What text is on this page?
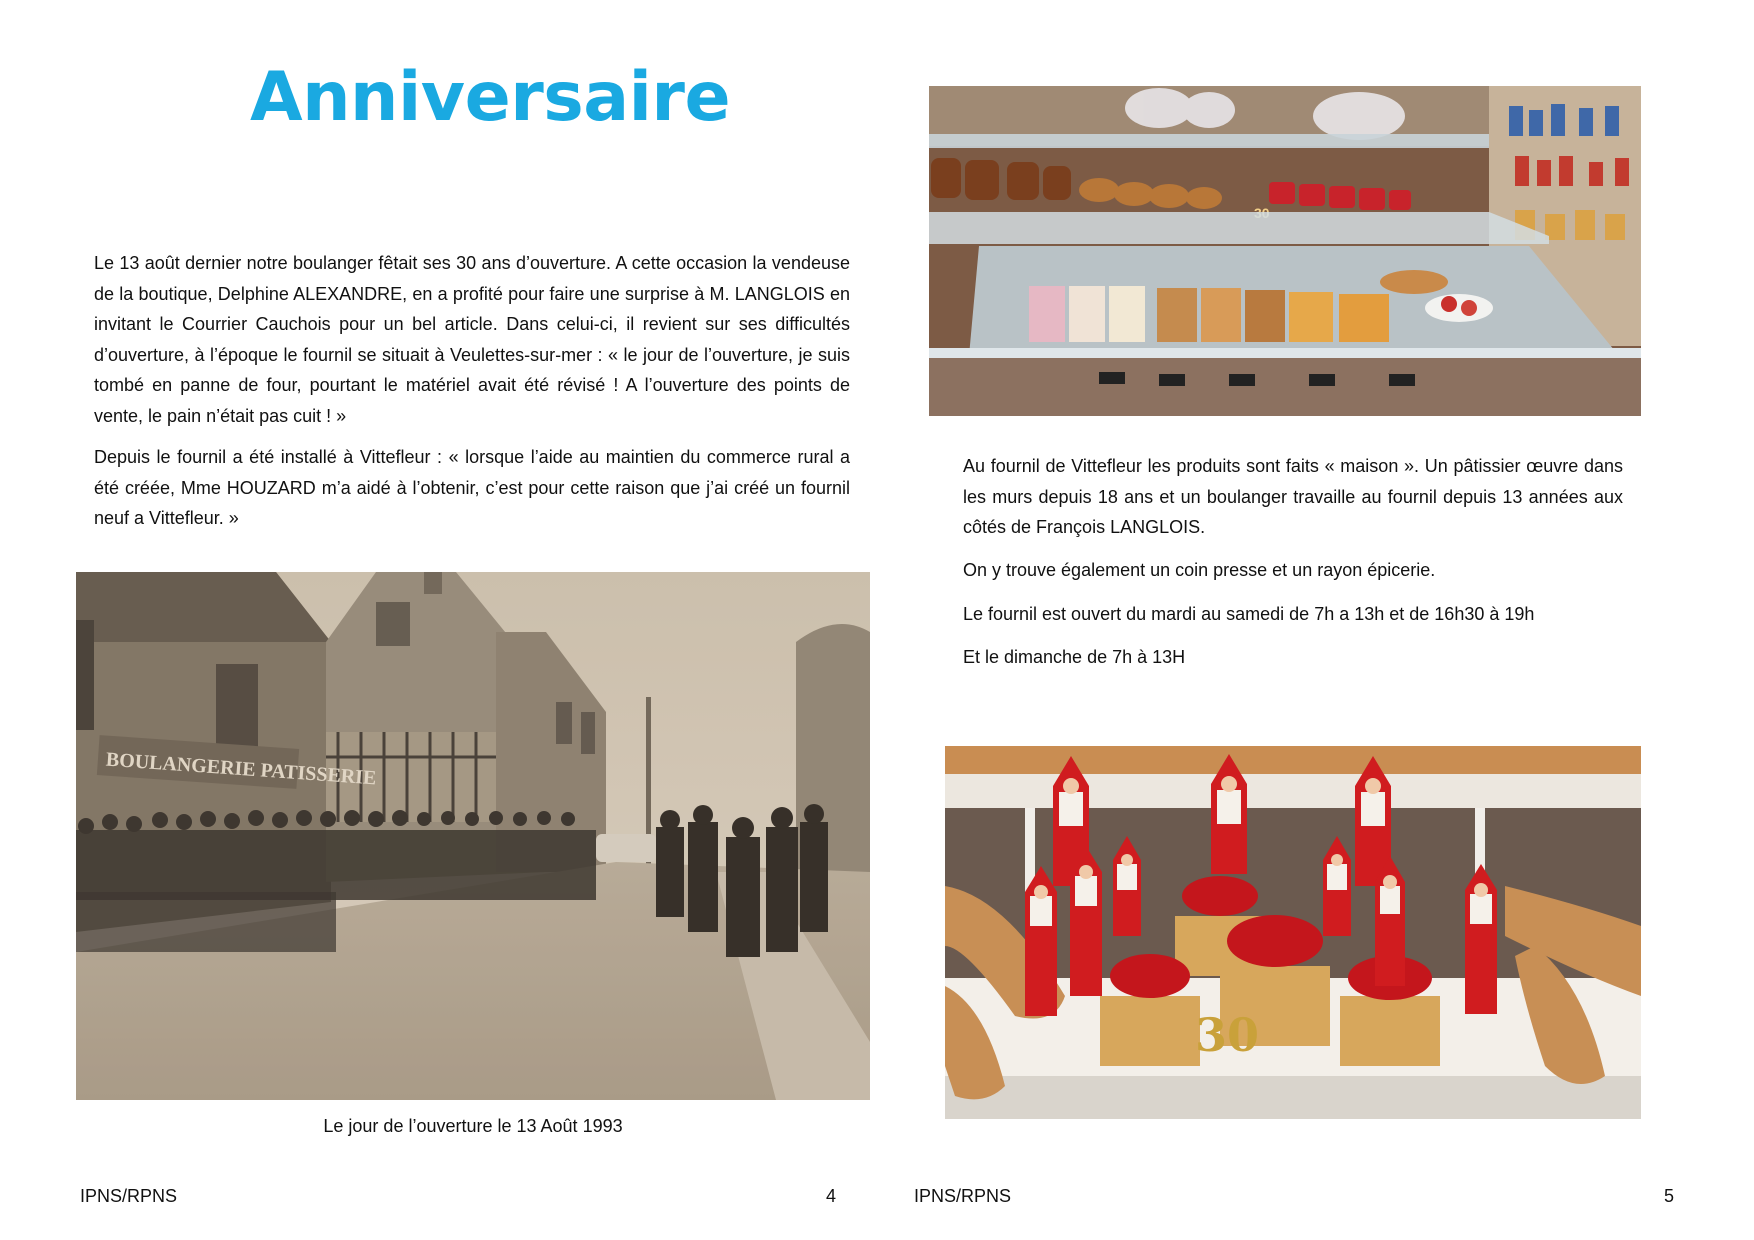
Anniversaire

Le 13 août dernier notre boulanger fêtait ses 30 ans d’ouverture. A cette occasion la vendeuse de la boutique, Delphine ALEXANDRE, en a profité pour faire une surprise à M. LANGLOIS en invitant le Courrier Cauchois pour un bel article. Dans celui-ci, il revient sur ses difficultés d’ouverture, à l’époque le fournil se situait à Veulettes-sur-mer : « le jour de l’ouverture, je suis tombé en panne de four, pourtant le matériel avait été révisé ! A l’ouverture des points de vente, le pain n’était pas cuit ! »

Depuis le fournil a été installé à Vittefleur : « lorsque l’aide au maintien du commerce rural a été créée, Mme HOUZARD m’a aidé à l’obtenir, c’est pour cette raison que j’ai créé un fournil neuf a Vittefleur. »

BOULANGERIE PATISSERIE
Le jour de l’ouverture le 13 Août 1993
IPNS/RPNS	4

Au fournil de Vittefleur les produits sont faits « maison ». Un pâtissier œuvre dans les murs depuis 18 ans et un boulanger travaille au fournil depuis 13 années aux côtés de François LANGLOIS.

On y trouve également un coin presse et un rayon épicerie.

Le fournil est ouvert du mardi au samedi de 7h a 13h et de 16h30 à 19h

Et le dimanche de 7h à 13H

30
IPNS/RPNS	5
